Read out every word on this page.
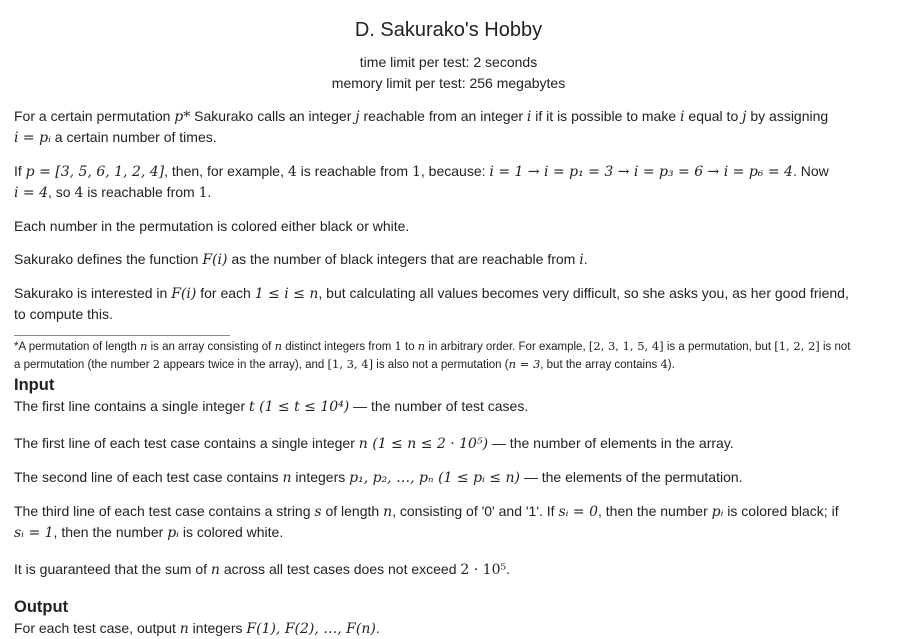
D. Sakurako's Hobby
time limit per test: 2 seconds
memory limit per test: 256 megabytes

For a certain permutation p* Sakurako calls an integer j reachable from an integer i if it is possible to make i equal to j by assigning
i = pᵢ a certain number of times.

If p = [3, 5, 6, 1, 2, 4], then, for example, 4 is reachable from 1, because: i = 1 → i = p₁ = 3 → i = p₃ = 6 → i = p₆ = 4. Now
i = 4, so 4 is reachable from 1.

Each number in the permutation is colored either black or white.

Sakurako defines the function F(i) as the number of black integers that are reachable from i.

Sakurako is interested in F(i) for each 1 ≤ i ≤ n, but calculating all values becomes very difficult, so she asks you, as her good friend,
to compute this.

*A permutation of length n is an array consisting of n distinct integers from 1 to n in arbitrary order. For example, [2, 3, 1, 5, 4] is a permutation, but [1, 2, 2] is not
a permutation (the number 2 appears twice in the array), and [1, 3, 4] is also not a permutation (n = 3, but the array contains 4).

Input

The first line contains a single integer t (1 ≤ t ≤ 10⁴) — the number of test cases.

The first line of each test case contains a single integer n (1 ≤ n ≤ 2 · 10⁵) — the number of elements in the array.

The second line of each test case contains n integers p₁, p₂, …, pₙ (1 ≤ pᵢ ≤ n) — the elements of the permutation.

The third line of each test case contains a string s of length n, consisting of '0' and '1'. If sᵢ = 0, then the number pᵢ is colored black; if
sᵢ = 1, then the number pᵢ is colored white.

It is guaranteed that the sum of n across all test cases does not exceed 2 · 10⁵.

Output

For each test case, output n integers F(1), F(2), …, F(n).
